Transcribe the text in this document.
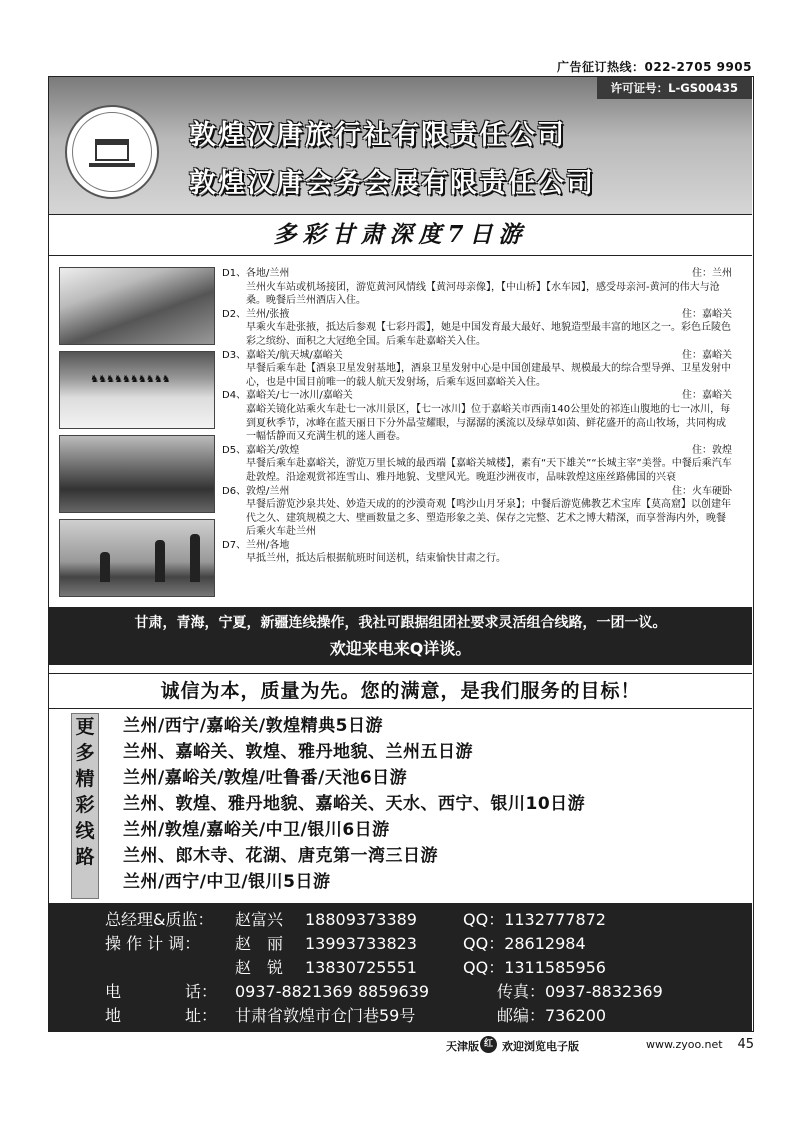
广告征订热线：022-2705 9905
许可证号：L-GS00435
敦煌汉唐旅行社有限责任公司
敦煌汉唐会务会展有限责任公司
多彩甘肃深度7日游
♞♞♞♞♞♞♞♞♞♞
D1、各地/兰州	住：兰州
兰州火车站或机场接团，游览黄河风情线【黄河母亲像】，【中山桥】【水车园】，感受母亲河-黄河的伟大与沧桑。晚餐后兰州酒店入住。
D2、兰州/张掖	住：嘉峪关
早乘火车赴张掖，抵达后参观【七彩丹霞】，她是中国发育最大最好、地貌造型最丰富的地区之一。彩色丘陵色彩之缤纷、面积之大冠绝全国。后乘车赴嘉峪关入住。
D3、嘉峪关/航天城/嘉峪关	住：嘉峪关
早餐后乘车赴【酒泉卫星发射基地】，酒泉卫星发射中心是中国创建最早、规模最大的综合型导弹、卫星发射中心，也是中国目前唯一的载人航天发射场，后乘车返回嘉峪关入住。
D4、嘉峪关/七一冰川/嘉峪关	住：嘉峪关
嘉峪关镜化站乘火车赴七一冰川景区，【七一冰川】位于嘉峪关市西南140公里处的祁连山腹地的七一冰川，每到夏秋季节，冰峰在蓝天丽日下分外晶莹耀眼，与潺潺的溪流以及绿草如茵、鲜花盛开的高山牧场，共同构成一幅恬静而又充满生机的迷人画卷。
D5、嘉峪关/敦煌	住：敦煌
早餐后乘车赴嘉峪关，游览万里长城的最西端【嘉峪关城楼】，素有“天下雄关”“长城主宰”美誉。中餐后乘汽车赴敦煌。沿途观赏祁连雪山、雅丹地貌、戈壁风光。晚逛沙洲夜市，品味敦煌这座丝路佛国的兴衰
D6、敦煌/兰州	住：火车硬卧
早餐后游览沙泉共处、妙造天成的的沙漠奇观【鸣沙山月牙泉】；中餐后游览佛教艺术宝库【莫高窟】以创建年代之久、建筑规模之大、壁画数量之多、塑造形象之美、保存之完整、艺术之博大精深，而享誉海内外，晚餐后乘火车赴兰州
D7、兰州/各地
早抵兰州，抵达后根据航班时间送机，结束愉快甘肃之行。
甘肃，青海，宁夏，新疆连线操作，我社可跟据组团社要求灵活组合线路，一团一议。
欢迎来电来Q详谈。
诚信为本，质量为先。您的满意，是我们服务的目标！
更
多
精
彩
线
路
兰州/西宁/嘉峪关/敦煌精典5日游
兰州、嘉峪关、敦煌、雅丹地貌、兰州五日游
兰州/嘉峪关/敦煌/吐鲁番/天池6日游
兰州、敦煌、雅丹地貌、嘉峪关、天水、西宁、银川10日游
兰州/敦煌/嘉峪关/中卫/银川6日游
兰州、郎木寺、花湖、唐克第一湾三日游
兰州/西宁/中卫/银川5日游
总经理&质监： 赵富兴 18809373389	QQ：1132777872
操 作 计 调： 赵　丽 13993733823	QQ：28612984
赵　锐 13830725551	QQ：1311585956
电　　　　话： 0937-8821369 8859639	传真：0937-8832369
地　　　　址： 甘肃省敦煌市仓门巷59号	邮编：736200
天津版 红 欢迎浏览电子版	www.zyoo.net 45
